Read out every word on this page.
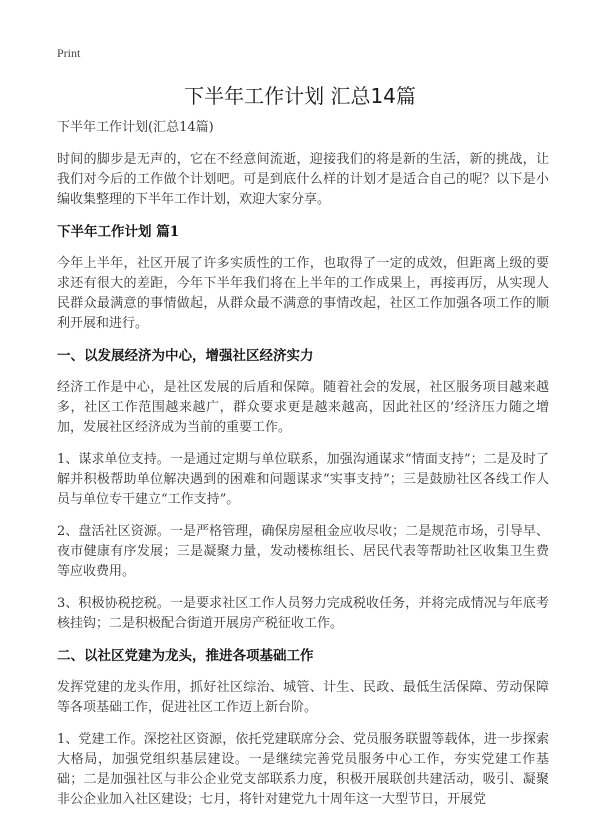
Print
下半年工作计划 汇总14篇

下半年工作计划(汇总14篇)

时间的脚步是无声的，它在不经意间流逝，迎接我们的将是新的生活，新的挑战，让我们对今后的工作做个计划吧。可是到底什么样的计划才是适合自己的呢？以下是小编收集整理的下半年工作计划，欢迎大家分享。

下半年工作计划 篇1

今年上半年，社区开展了许多实质性的工作，也取得了一定的成效，但距离上级的要求还有很大的差距，今年下半年我们将在上半年的工作成果上，再接再厉，从实现人民群众最满意的事情做起，从群众最不满意的事情改起，社区工作加强各项工作的顺利开展和进行。

一、以发展经济为中心，增强社区经济实力

经济工作是中心，是社区发展的后盾和保障。随着社会的发展，社区服务项目越来越多，社区工作范围越来越广，群众要求更是越来越高，因此社区的‘经济压力随之增加，发展社区经济成为当前的重要工作。

1、谋求单位支持。一是通过定期与单位联系，加强沟通谋求“情面支持”；二是及时了解并积极帮助单位解决遇到的困难和问题谋求“实事支持”；三是鼓励社区各线工作人员与单位专干建立“工作支持”。

2、盘活社区资源。一是严格管理，确保房屋租金应收尽收；二是规范市场，引导早、夜市健康有序发展；三是凝聚力量，发动楼栋组长、居民代表等帮助社区收集卫生费等应收费用。

3、积极协税挖税。一是要求社区工作人员努力完成税收任务，并将完成情况与年底考核挂钩；二是积极配合街道开展房产税征收工作。

二、以社区党建为龙头，推进各项基础工作

发挥党建的龙头作用，抓好社区综治、城管、计生、民政、最低生活保障、劳动保障等各项基础工作，促进社区工作迈上新台阶。

1、党建工作。深挖社区资源，依托党建联席分会、党员服务联盟等载体，进一步探索大格局，加强党组织基层建设。一是继续完善党员服务中心工作，夯实党建工作基础；二是加强社区与非公企业党支部联系力度，积极开展联创共建活动，吸引、凝聚非公企业加入社区建设；七月，将针对建党九十周年这一大型节日，开展党
